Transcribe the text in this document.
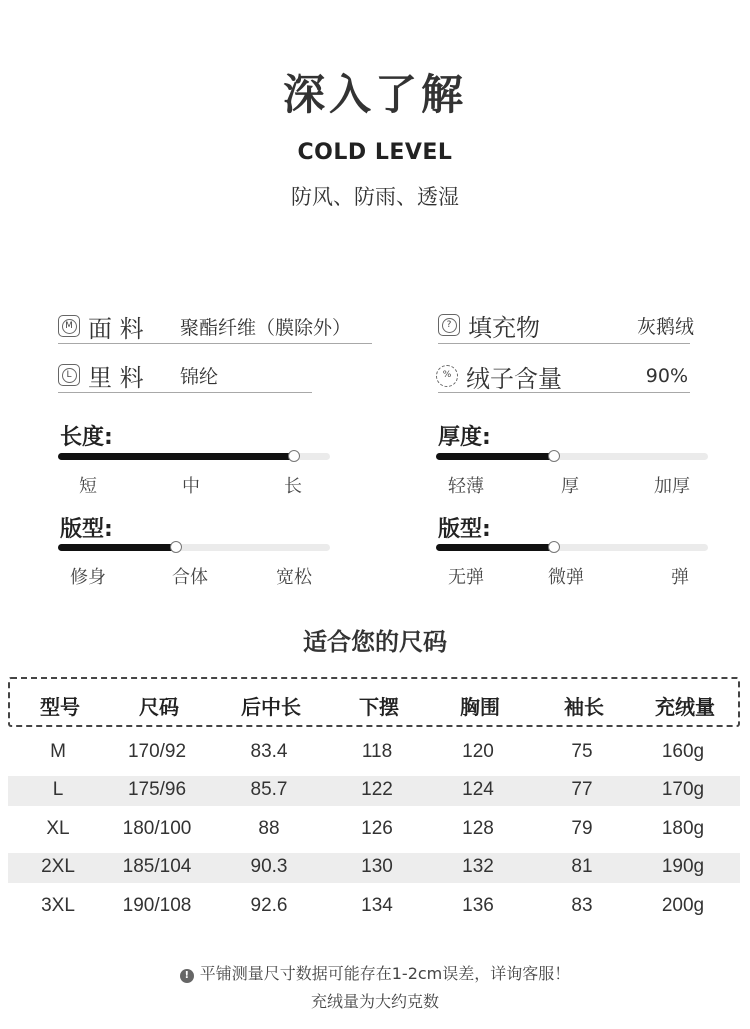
深入了解
COLD LEVEL
防风、防雨、透湿
M 面 料	聚酯纤维（膜除外）
L 里 料	锦纶
? 填充物	灰鹅绒
% 绒子含量	90%
长度:
短	中	长
版型:
修身	合体	宽松
厚度:
轻薄	厚	加厚
版型:
无弹	微弹	弹
适合您的尺码
型号	尺码	后中长	下摆	胸围	袖长	充绒量
M	170/92	83.4	118	120	75	160g
L	175/96	85.7	122	124	77	170g
XL	180/100	88	126	128	79	180g
2XL	185/104	90.3	130	132	81	190g
3XL	190/108	92.6	134	136	83	200g
! 平铺测量尺寸数据可能存在1-2cm误差，详询客服！
充绒量为大约克数
